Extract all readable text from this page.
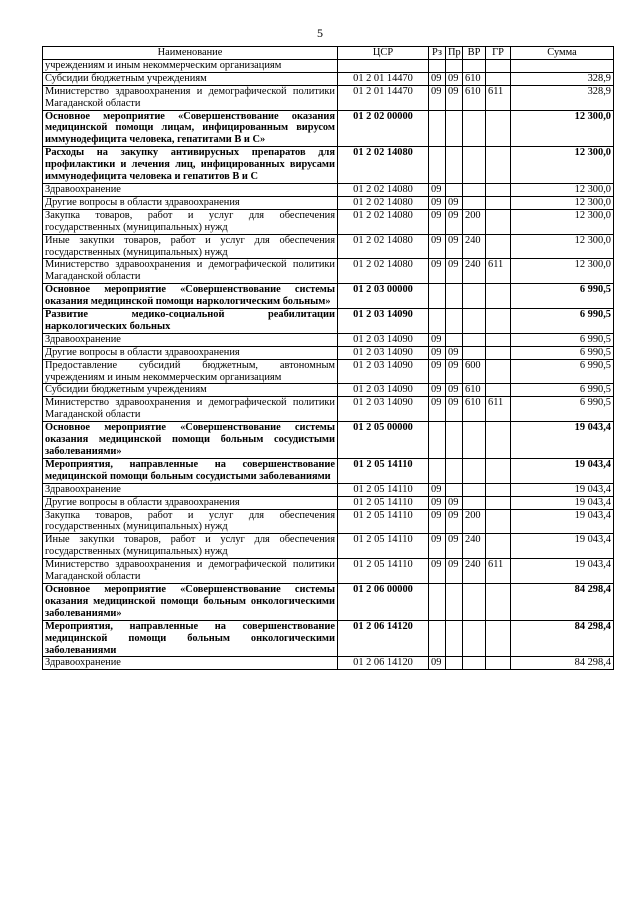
5
Наименование	ЦСР	Рз	Пр	ВР	ГР	Сумма
учреждениям и иным некоммерческим организациям						
Субсидии бюджетным учреждениям	01 2 01 14470	09	09	610		328,9
Министерство здравоохранения и демографической политики Магаданской области	01 2 01 14470	09	09	610	611	328,9
Основное мероприятие «Совершенствование оказания медицинской помощи лицам, инфицированным вирусом иммунодефицита человека, гепатитами В и С»	01 2 02 00000					12 300,0
Расходы на закупку антивирусных препаратов для профилактики и лечения лиц, инфицированных вирусами иммунодефицита человека и гепатитов В и С	01 2 02 14080					12 300,0
Здравоохранение	01 2 02 14080	09				12 300,0
Другие вопросы в области здравоохранения	01 2 02 14080	09	09			12 300,0
Закупка товаров, работ и услуг для обеспечения государственных (муниципальных) нужд	01 2 02 14080	09	09	200		12 300,0
Иные закупки товаров, работ и услуг для обеспечения государственных (муниципальных) нужд	01 2 02 14080	09	09	240		12 300,0
Министерство здравоохранения и демографической политики Магаданской области	01 2 02 14080	09	09	240	611	12 300,0
Основное мероприятие «Совершенствование системы оказания медицинской помощи наркологическим больным»	01 2 03 00000					6 990,5
Развитие медико-социальной реабилитации наркологических больных	01 2 03 14090					6 990,5
Здравоохранение	01 2 03 14090	09				6 990,5
Другие вопросы в области здравоохранения	01 2 03 14090	09	09			6 990,5
Предоставление субсидий бюджетным, автономным учреждениям и иным некоммерческим организациям	01 2 03 14090	09	09	600		6 990,5
Субсидии бюджетным учреждениям	01 2 03 14090	09	09	610		6 990,5
Министерство здравоохранения и демографической политики Магаданской области	01 2 03 14090	09	09	610	611	6 990,5
Основное мероприятие «Совершенствование системы оказания медицинской помощи больным сосудистыми заболеваниями»	01 2 05 00000					19 043,4
Мероприятия, направленные на совершенствование медицинской помощи больным сосудистыми заболеваниями	01 2 05 14110					19 043,4
Здравоохранение	01 2 05 14110	09				19 043,4
Другие вопросы в области здравоохранения	01 2 05 14110	09	09			19 043,4
Закупка товаров, работ и услуг для обеспечения государственных (муниципальных) нужд	01 2 05 14110	09	09	200		19 043,4
Иные закупки товаров, работ и услуг для обеспечения государственных (муниципальных) нужд	01 2 05 14110	09	09	240		19 043,4
Министерство здравоохранения и демографической политики Магаданской области	01 2 05 14110	09	09	240	611	19 043,4
Основное мероприятие «Совершенствование системы оказания медицинской помощи больным онкологическими заболеваниями»	01 2 06 00000					84 298,4
Мероприятия, направленные на совершенствование медицинской помощи больным онкологическими заболеваниями	01 2 06 14120					84 298,4
Здравоохранение	01 2 06 14120	09				84 298,4
